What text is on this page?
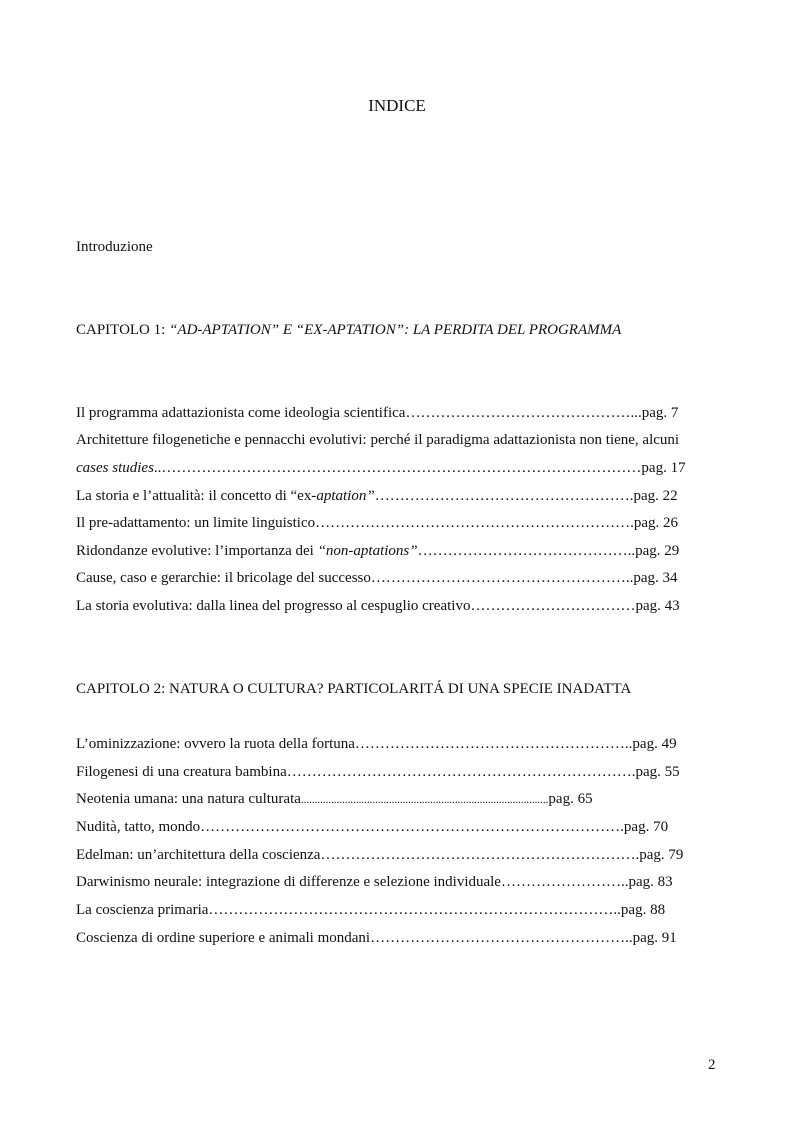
INDICE
Introduzione
CAPITOLO 1: “AD-APTATION” E “EX-APTATION”: LA PERDITA DEL PROGRAMMA
Il programma adattazionista come ideologia scientifica………………………………………...pag. 7
Architetture filogenetiche e pennacchi evolutivi: perché il paradigma adattazionista non tiene, alcuni
cases studies..……………………………………………………………………………………pag. 17
La storia e l’attualità: il concetto di “ex-aptation”…………………………………………….pag. 22
Il pre-adattamento: un limite linguistico……………………………………………………….pag. 26
Ridondanze evolutive: l’importanza dei “non-aptations”……………………………………..pag. 29
Cause, caso e gerarchie: il bricolage del successo……………………………………………..pag. 34
La storia evolutiva: dalla linea del progresso al cespuglio creativo……………………………pag. 43
CAPITOLO 2: NATURA O CULTURA? PARTICOLARITÁ DI UNA SPECIE INADATTA
L’ominizzazione: ovvero la ruota della fortuna………………………………………………..pag. 49
Filogenesi di una creatura bambina…………………………………………………………….pag. 55
Neotenia umana: una natura culturata..........................................................................................pag. 65
Nudità, tatto, mondo………………………………………………………………………….pag. 70
Edelman: un’architettura della coscienza……………………………………………………….pag. 79
Darwinismo neurale: integrazione di differenze e selezione individuale……………………..pag. 83
La coscienza primaria………………………………………………………………………..pag. 88
Coscienza di ordine superiore e animali mondani……………………………………………..pag. 91
2
